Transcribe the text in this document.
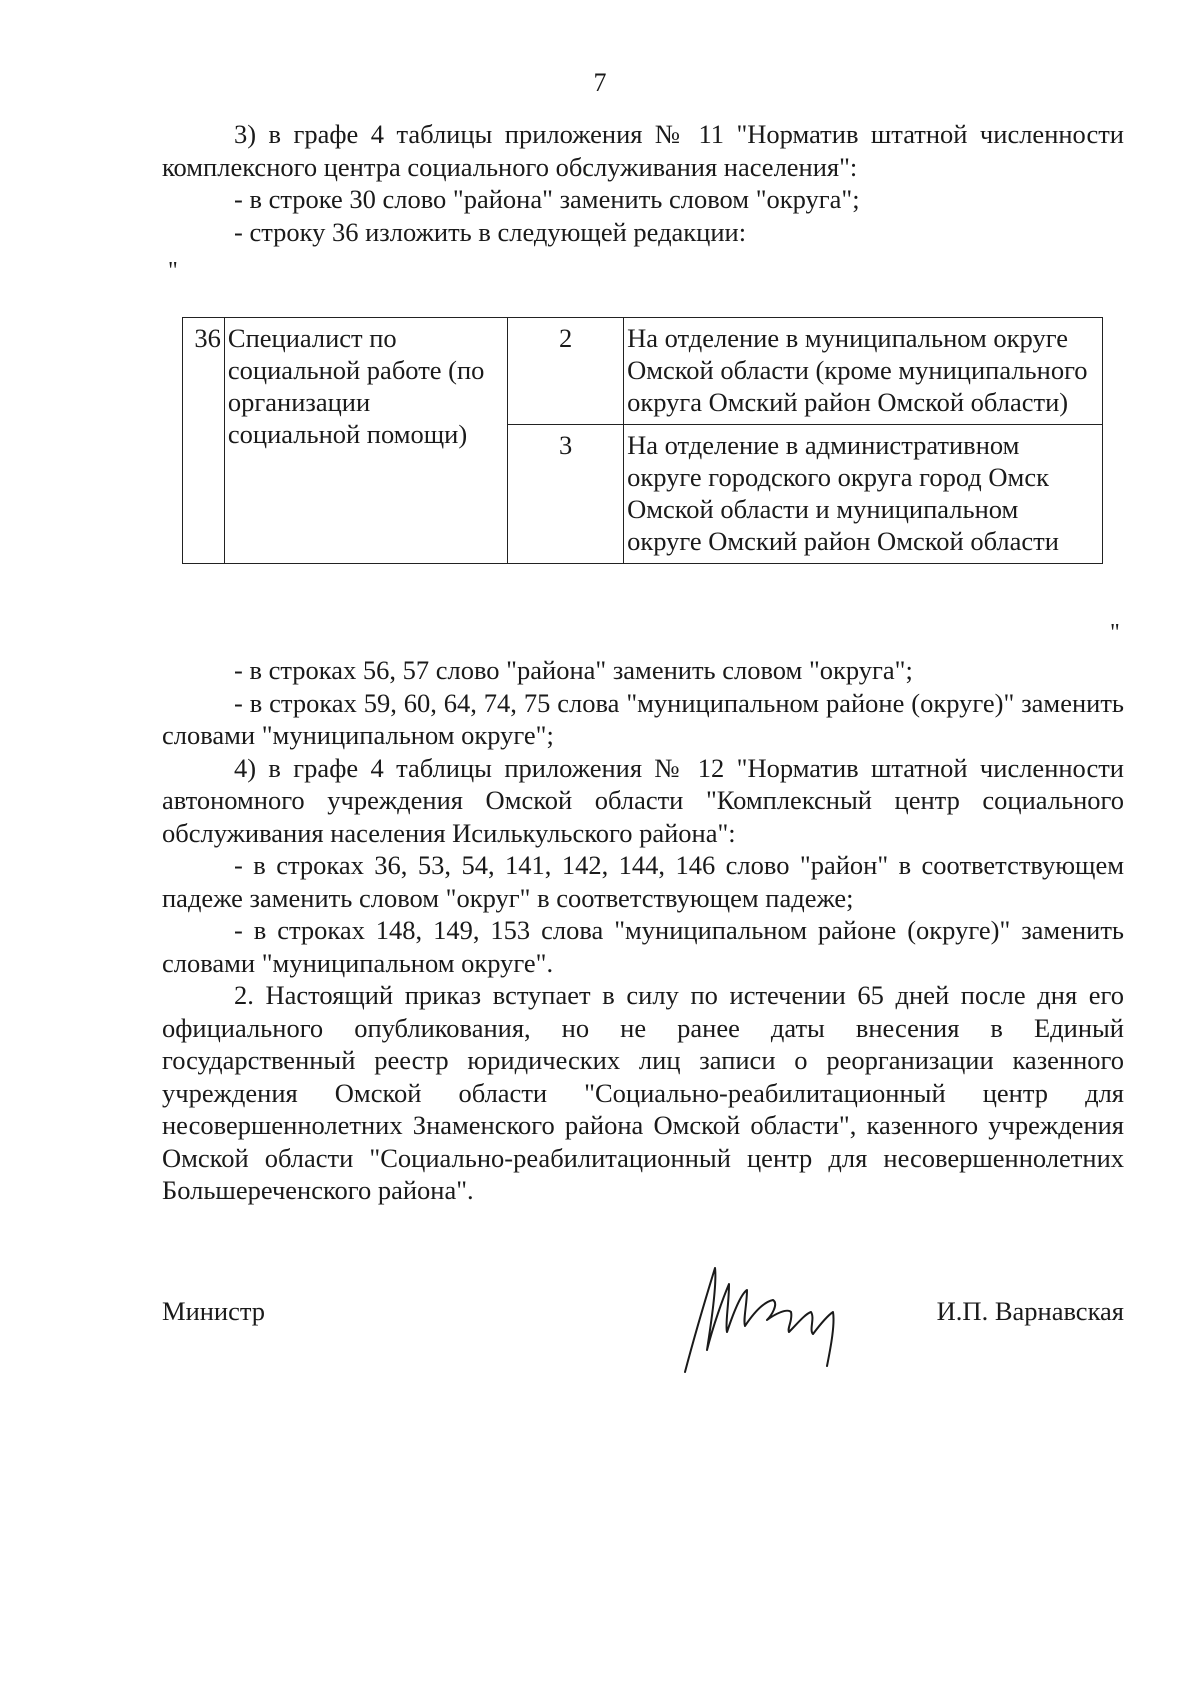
7

3) в графе 4 таблицы приложения № 11 "Норматив штатной численности комплексного центра социального обслуживания населения":

- в строке 30 слово "района" заменить словом "округа";

- строку 36 изложить в следующей редакции:

"
36	Специалист по социальной работе (по организации социальной помощи)	2	На отделение в муниципальном округе Омской области (кроме муниципального округа Омский район Омской области)
		3	На отделение в административном округе городского округа город Омск Омской области и муниципальном округе Омский район Омской области
"

- в строках 56, 57 слово "района" заменить словом "округа";

- в строках 59, 60, 64, 74, 75 слова "муниципальном районе (округе)" заменить словами "муниципальном округе";

4) в графе 4 таблицы приложения № 12 "Норматив штатной численности автономного учреждения Омской области "Комплексный центр социального обслуживания населения Исилькульского района":

- в строках 36, 53, 54, 141, 142, 144, 146 слово "район" в соответствующем падеже заменить словом "округ" в соответствующем падеже;

- в строках 148, 149, 153 слова "муниципальном районе (округе)" заменить словами "муниципальном округе".

2. Настоящий приказ вступает в силу по истечении 65 дней после дня его официального опубликования, но не ранее даты внесения в Единый государственный реестр юридических лиц записи о реорганизации казенного учреждения Омской области "Социально-реабилитационный центр для несовершеннолетних Знаменского района Омской области", казенного учреждения Омской области "Социально-реабилитационный центр для несовершеннолетних Большереченского района".

Министр	И.П. Варнавская
